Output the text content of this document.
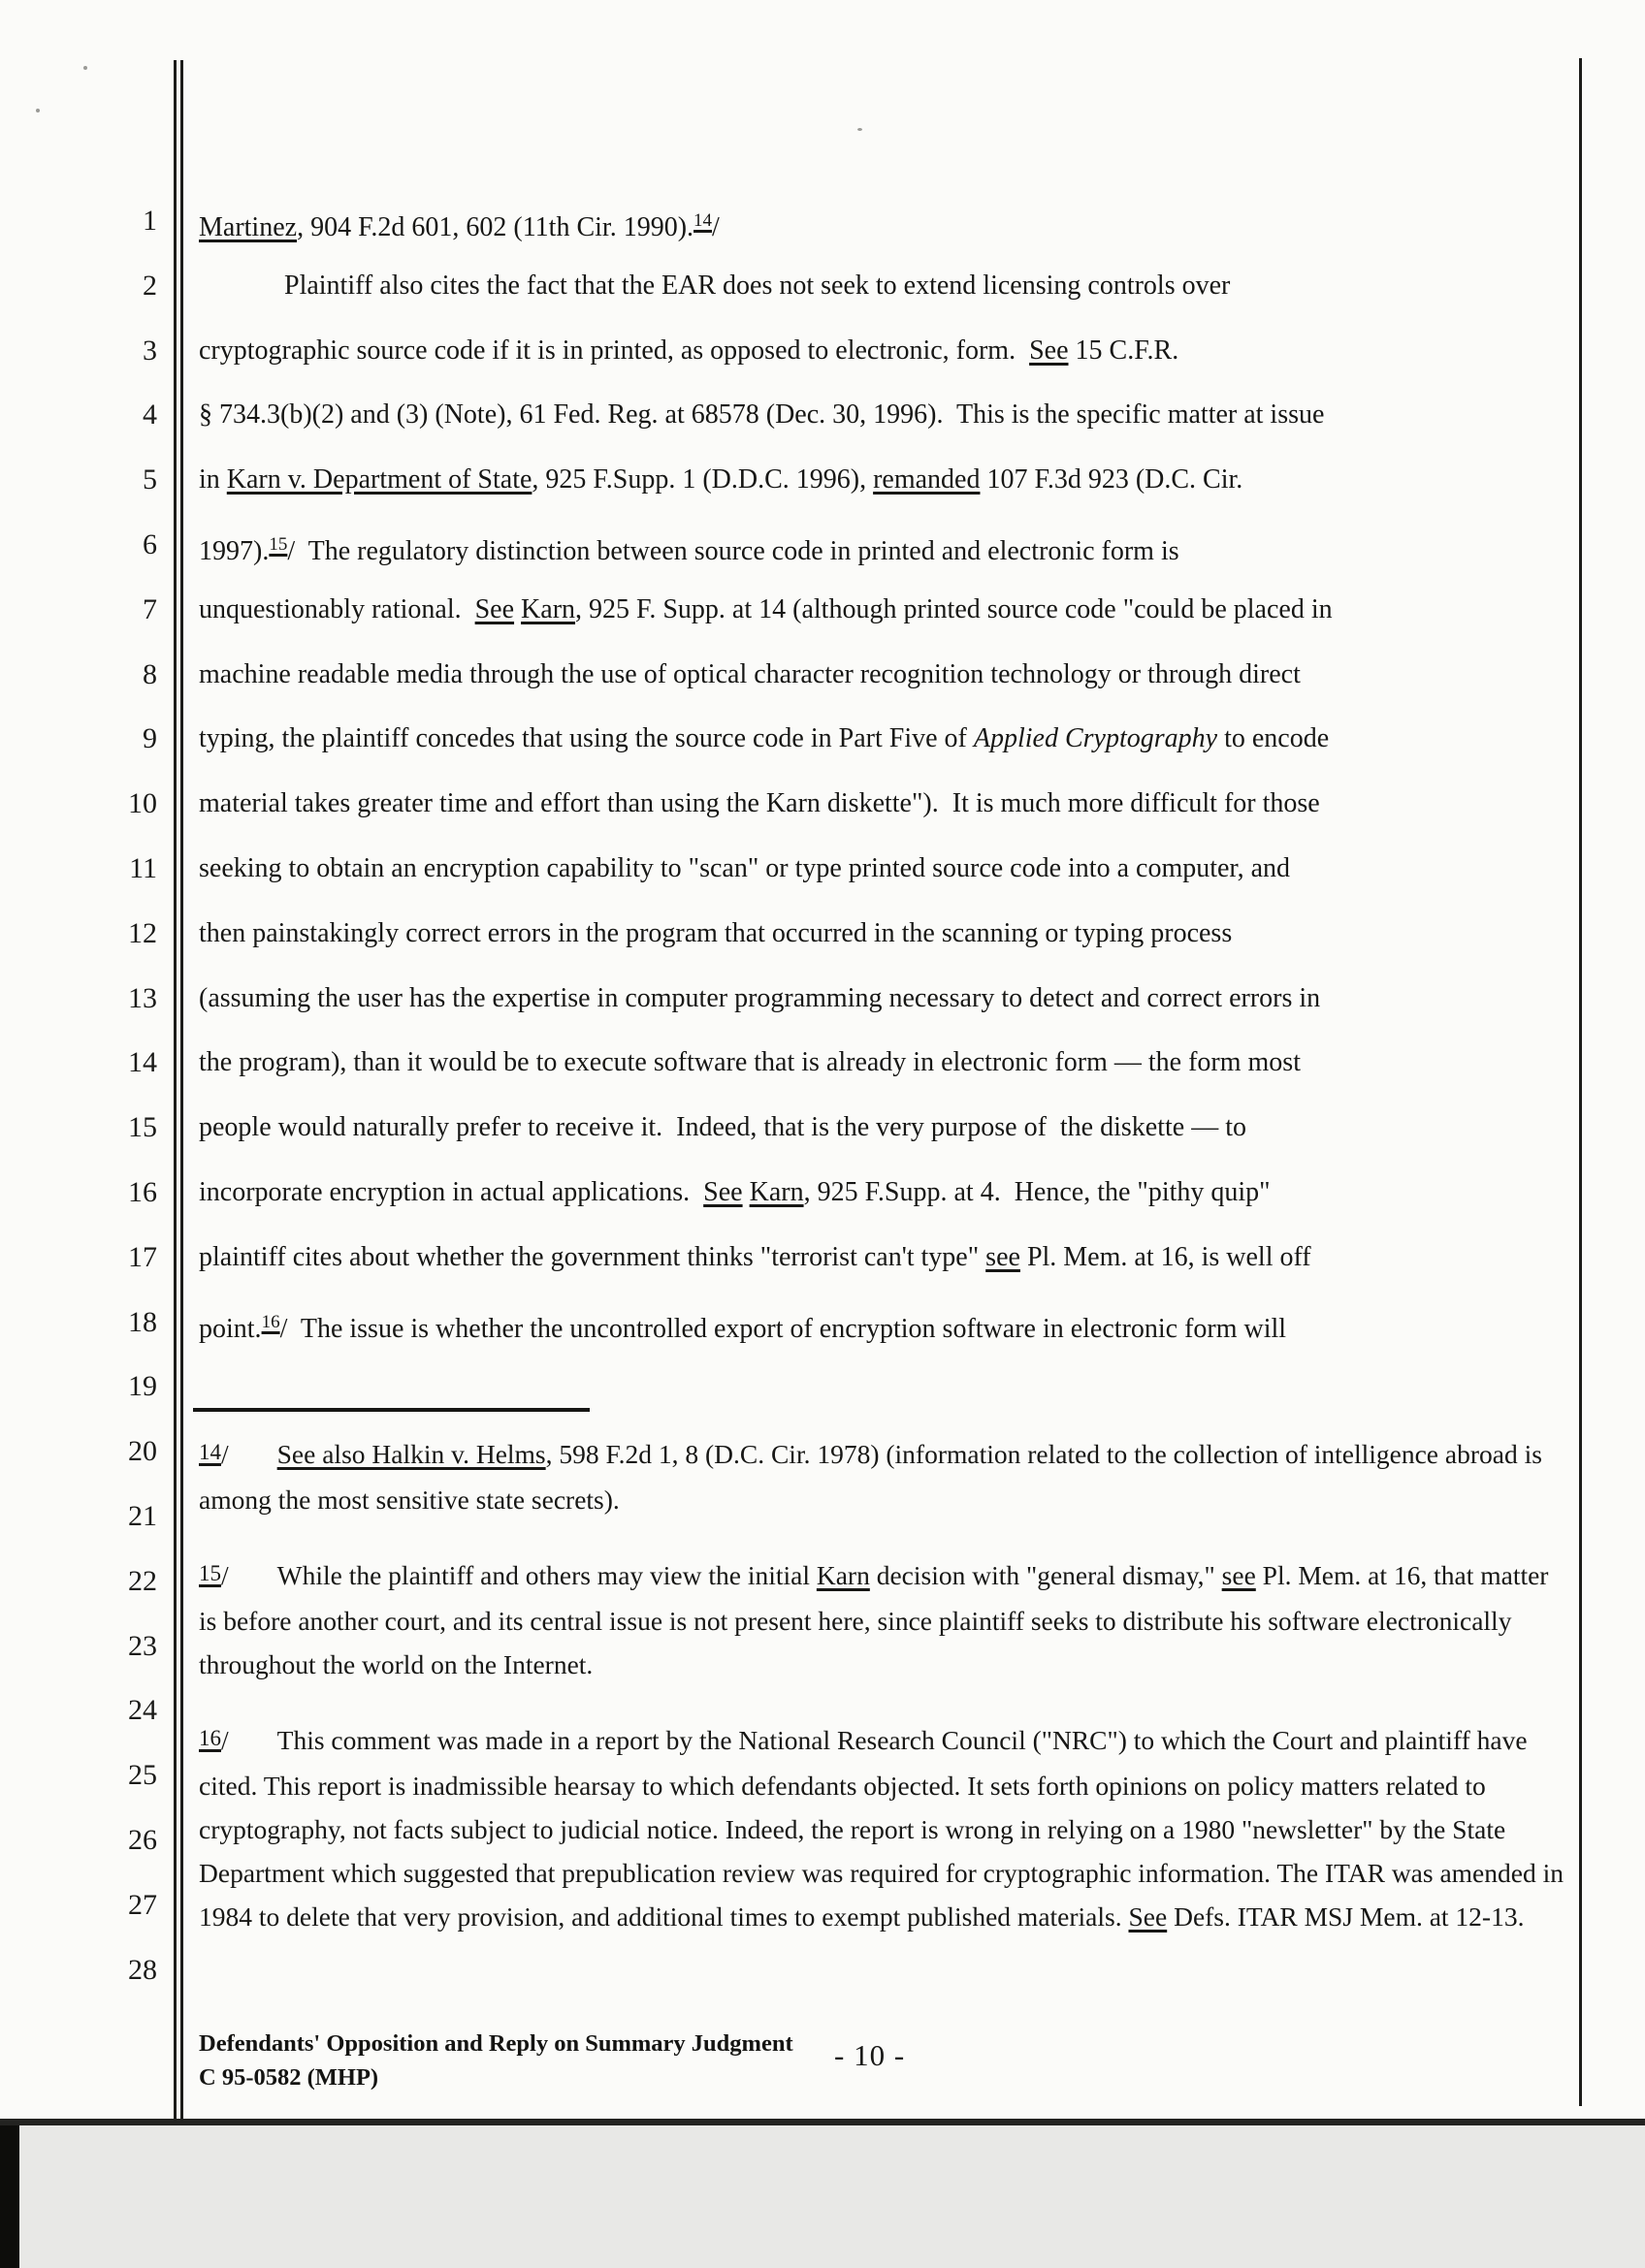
1
2
3
4
5
6
7
8
9
10
11
12
13
14
15
16
17
18
19
20
21
22
23
24
25
26
27
28
Martinez, 904 F.2d 601, 602 (11th Cir. 1990).$^{14}$/
Plaintiff also cites the fact that the EAR does not seek to extend licensing controls over
cryptographic source code if it is in printed, as opposed to electronic, form.  See 15 C.F.R.
§ 734.3(b)(2) and (3) (Note), 61 Fed. Reg. at 68578 (Dec. 30, 1996).  This is the specific matter at issue
in Karn v. Department of State, 925 F.Supp. 1 (D.D.C. 1996), remanded 107 F.3d 923 (D.C. Cir.
1997).$^{15}$/  The regulatory distinction between source code in printed and electronic form is
unquestionably rational.  See Karn, 925 F. Supp. at 14 (although printed source code "could be placed in
machine readable media through the use of optical character recognition technology or through direct
typing, the plaintiff concedes that using the source code in Part Five of Applied Cryptography to encode
material takes greater time and effort than using the Karn diskette").  It is much more difficult for those
seeking to obtain an encryption capability to "scan" or type printed source code into a computer, and
then painstakingly correct errors in the program that occurred in the scanning or typing process
(assuming the user has the expertise in computer programming necessary to detect and correct errors in
the program), than it would be to execute software that is already in electronic form — the form most
people would naturally prefer to receive it.  Indeed, that is the very purpose of  the diskette — to
incorporate encryption in actual applications.  See Karn, 925 F.Supp. at 4.  Hence, the "pithy quip"
plaintiff cites about whether the government thinks "terrorist can't type" see Pl. Mem. at 16, is well off
point.$^{16}$/  The issue is whether the uncontrolled export of encryption software in electronic form will

14/ See also Halkin v. Helms, 598 F.2d 1, 8 (D.C. Cir. 1978) (information related to the collection of intelligence abroad is among the most sensitive state secrets).

15/ While the plaintiff and others may view the initial Karn decision with "general dismay," see Pl. Mem. at 16, that matter is before another court, and its central issue is not present here, since plaintiff seeks to distribute his software electronically throughout the world on the Internet.

16/ This comment was made in a report by the National Research Council ("NRC") to which the Court and plaintiff have cited. This report is inadmissible hearsay to which defendants objected. It sets forth opinions on policy matters related to cryptography, not facts subject to judicial notice. Indeed, the report is wrong in relying on a 1980 "newsletter" by the State Department which suggested that prepublication review was required for cryptographic information. The ITAR was amended in 1984 to delete that very provision, and additional times to exempt published materials. See Defs. ITAR MSJ Mem. at 12-13.

Defendants' Opposition and Reply on Summary Judgment
C 95-0582 (MHP)
- 10 -
